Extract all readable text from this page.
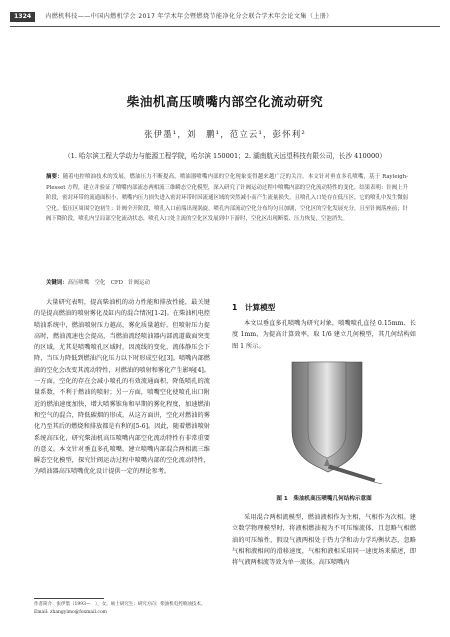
1324 内燃机科技——中国内燃机学会 2017 年学术年会暨燃烧节能净化分会联合学术年会论文集（上册）
柴油机高压喷嘴内部空化流动研究
张伊墨¹，刘　鹏¹，范立云¹，彭怀利²
（1. 哈尔滨工程大学动力与能源工程学院，哈尔滨 150001；2. 湖南航天远望科技有限公司，长沙 410000）
摘要：随着电控喷油技术的发展，燃油压力不断提高，喷油器喷嘴内部的空化现象变得越来越广泛的关注。本文针对垂直多孔喷嘴，基于 Rayleigh-Plesset 方程，建立并验证了喷嘴内部流态两相流三维瞬态空化模型，深入研究了针阀运动过程中喷嘴内部的空化流动特性的变化。结果表明：针阀上升阶段，密封环带的流通面积小，喷嘴内压力损失进入密封环带时因流通区域的突然减小而产生流量损失，且喷孔入口处存在低压区，它的喷孔中发生微弱空化。低压区周围空泡初生；针阀全开阶段，喷孔入口前端出现涡旋，喷孔内部流动空化分布均匀且加剧，空化区的空化发展充分，且至针阀落座前；针阀下降阶段，喷孔内呈局部空化流动状态，喷孔入口处主流的空化区发展到中下游时，空化区出现断裂、压力恢复，空泡消失。
关键词：高压喷嘴　空化　CFD　针阀运动
大量研究表明，提高柴油机的动力性能和排放性能，最关键的是提高燃油的喷射雾化及缸内的混合情况[1-2]。在柴油机电控喷油系统中，燃油喷射压力越高，雾化质量越好。但喷射压力提高时，燃油流速也会提高，当燃油流经喷油器内部流道截面突变的区域，尤其是喷嘴喷孔区域时，因流线的变化，流体静压会下降，当压力降低到燃油汽化压力以下时形成空化[3]。喷嘴内部燃油的空化会改变其流动特性，对燃油的喷射和雾化产生影响[4]。一方面，空化的存在会减小喷孔的有效流通面积，降低喷孔的流量系数，不利于燃油的喷射；另一方面，喷嘴空化使喷孔出口附近的燃油速度加快，增大喷雾锥角和早期的雾化程度，加速燃油和空气的混合，降低碳烟的形成，从这方面讲，空化对燃油的雾化乃至其后的燃烧和排放都是有利的[5-6]。因此，随着燃油喷射系统高压化，研究柴油机高压喷嘴内部空化流动特性有非常重要的意义。本文针对垂直多孔喷嘴，建立喷嘴内部混合两相流三维瞬态空化模型，探究针阀运动过程中喷嘴内部的空化流动特性，为喷油器高压喷嘴优化设计提供一定的理论参考。
作者简介：张伊墨（1993—　），女，硕士研究生；研究方向：柴油机电控喷油技术。
Email: zhangyimo@foxmail.com
1　计算模型
本文以垂直多孔喷嘴为研究对象，喷嘴喷孔直径 0.15mm、长度 1mm，为提高计算效率，取 1/6 建立几何模型，其几何结构如图 1 所示。
图 1　柴油机高压喷嘴几何结构示意图
采用混合两相流模型，燃油液相作为主相，气相作为次相。建立数学物理模型时，将液相燃油视为不可压缩流体，且忽略气相燃油的可压缩性，假设气液两相处于热力学和动力学均衡状态，忽略气相和液相间的滑移速度，气相和液相采用同一速度场来描述，即将气液两相流等效为单一流体。高压喷嘴内
